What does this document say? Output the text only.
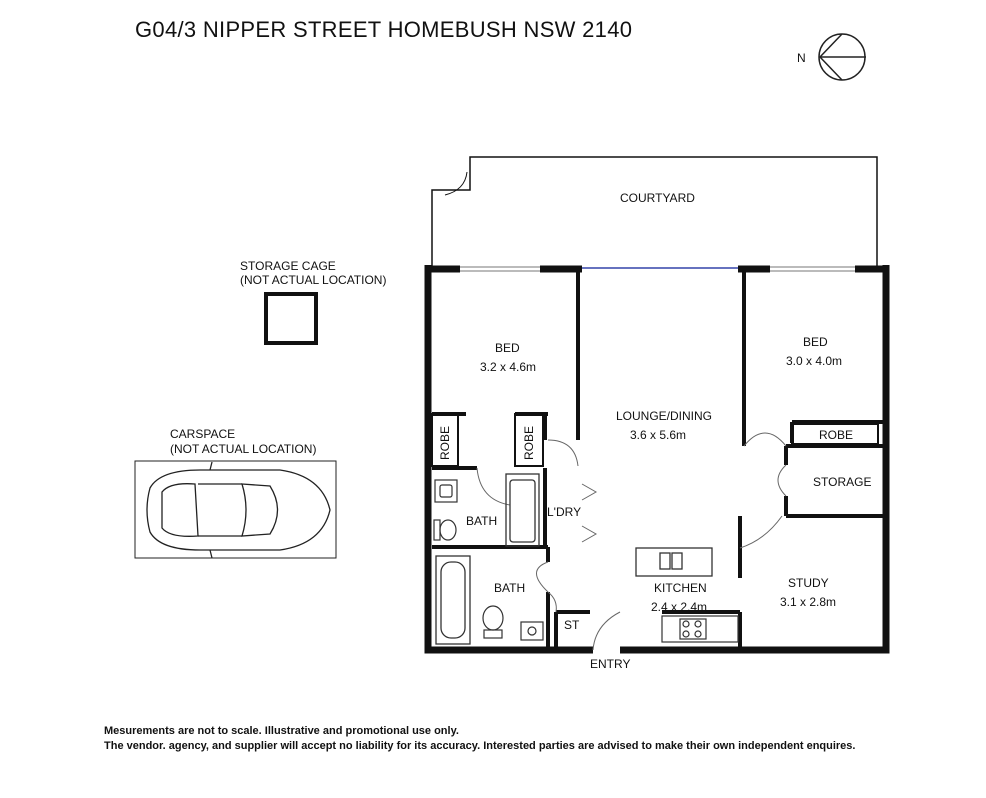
G04/3 NIPPER STREET HOMEBUSH NSW 2140
N
STORAGE CAGE
(NOT ACTUAL LOCATION)
CARSPACE
(NOT ACTUAL LOCATION)
COURTYARD
BED
3.2 x 4.6m
BED
3.0 x 4.0m
LOUNGE/DINING
3.6 x 5.6m
ROBE	ROBE	ROBE
STORAGE
BATH
L'DRY
BATH	KITCHEN
2.4 x 2.4m
STUDY
3.1 x 2.8m
ST
ENTRY
Mesurements are not to scale. Illustrative and promotional use only.
The vendor. agency, and supplier will accept no liability for its accuracy. Interested parties are advised to make their own independent enquires.
